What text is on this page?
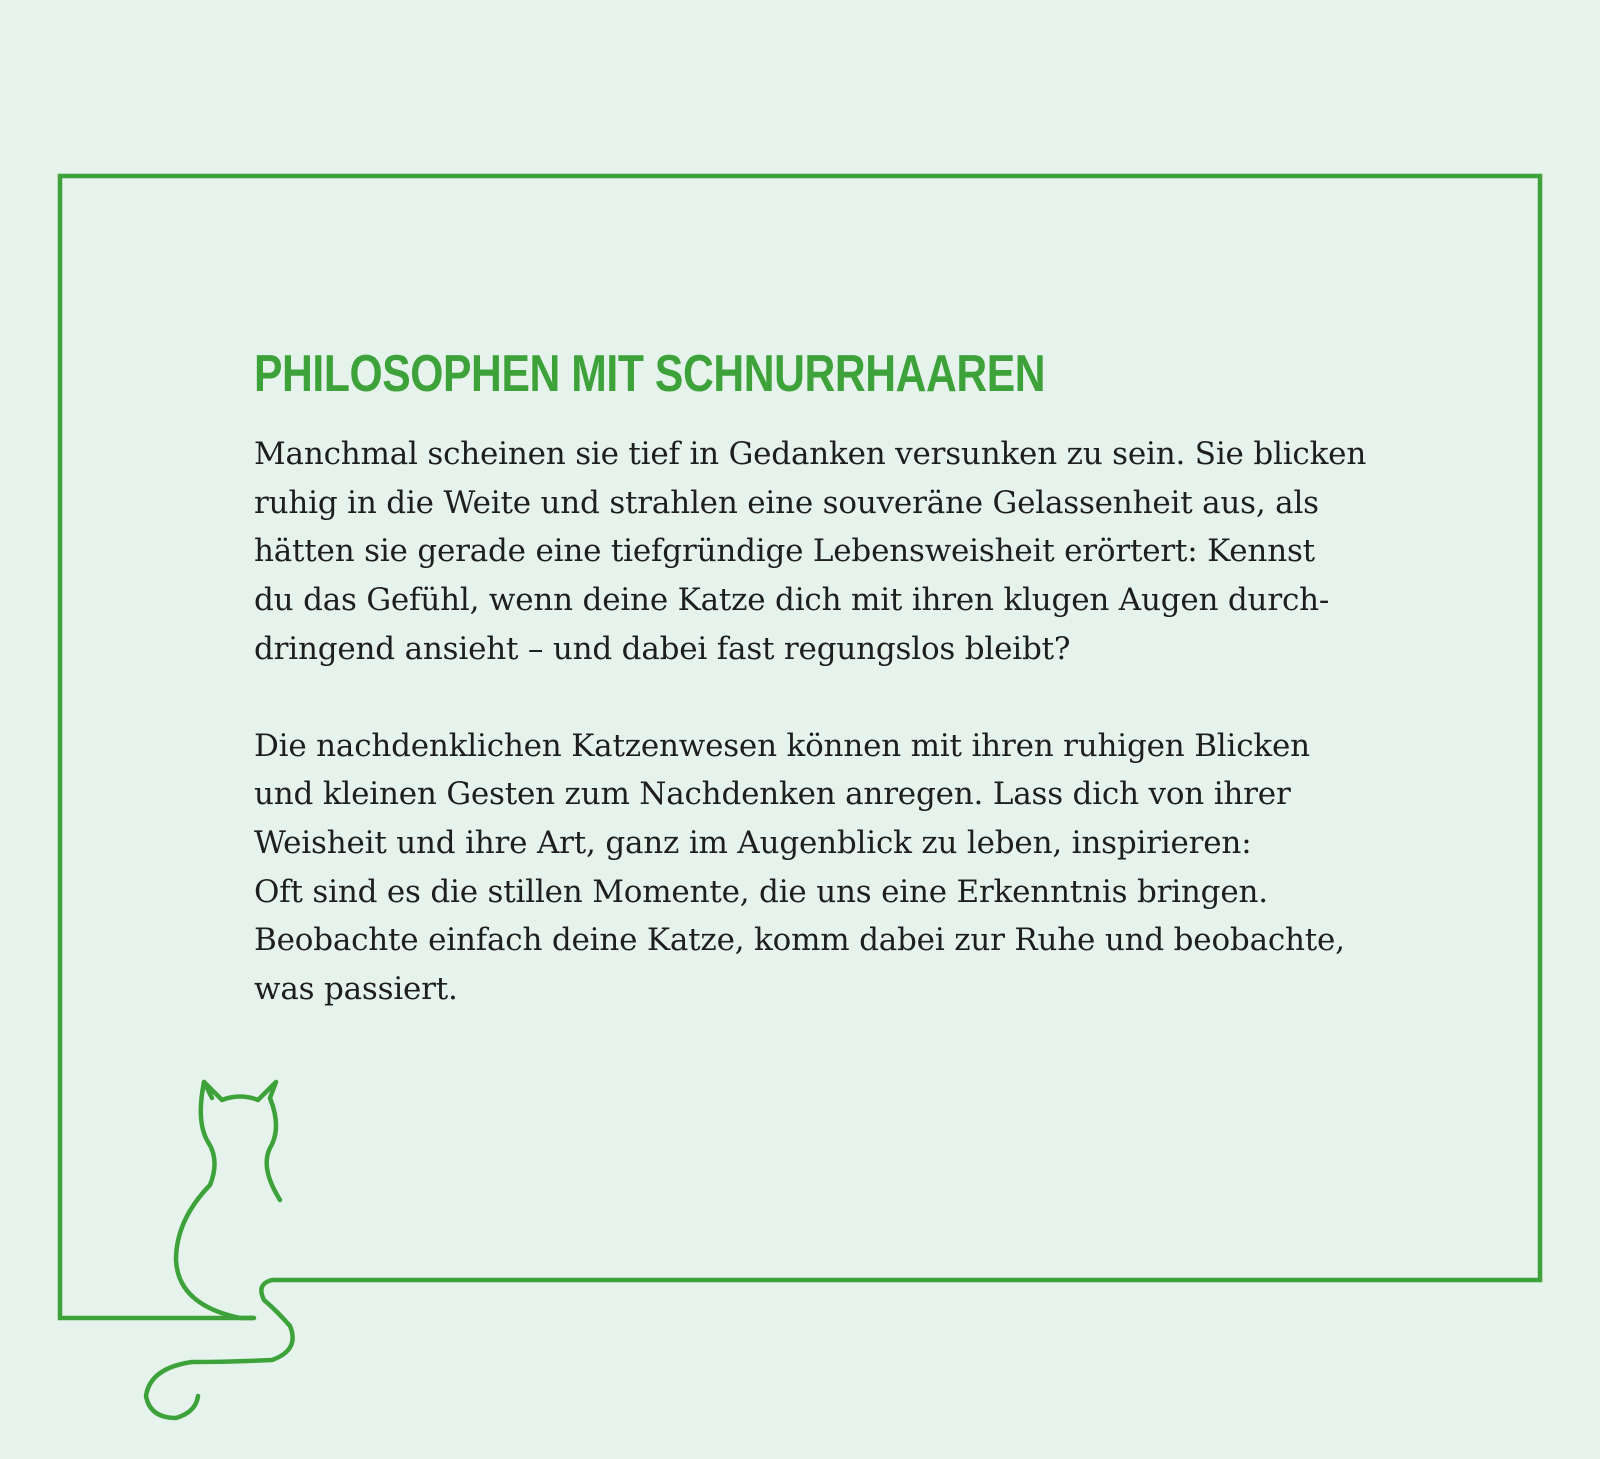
PHILOSOPHEN MIT SCHNURRHAAREN

Manchmal scheinen sie tief in Gedanken versunken zu sein. Sie blicken
ruhig in die Weite und strahlen eine souveräne Gelassenheit aus, als
hätten sie gerade eine tiefgründige Lebensweisheit erörtert: Kennst
du das Gefühl, wenn deine Katze dich mit ihren klugen Augen durch-
dringend ansieht – und dabei fast regungslos bleibt?

Die nachdenklichen Katzenwesen können mit ihren ruhigen Blicken
und kleinen Gesten zum Nachdenken anregen. Lass dich von ihrer
Weisheit und ihre Art, ganz im Augenblick zu leben, inspirieren:
Oft sind es die stillen Momente, die uns eine Erkenntnis bringen.
Beobachte einfach deine Katze, komm dabei zur Ruhe und beobachte,
was passiert.
